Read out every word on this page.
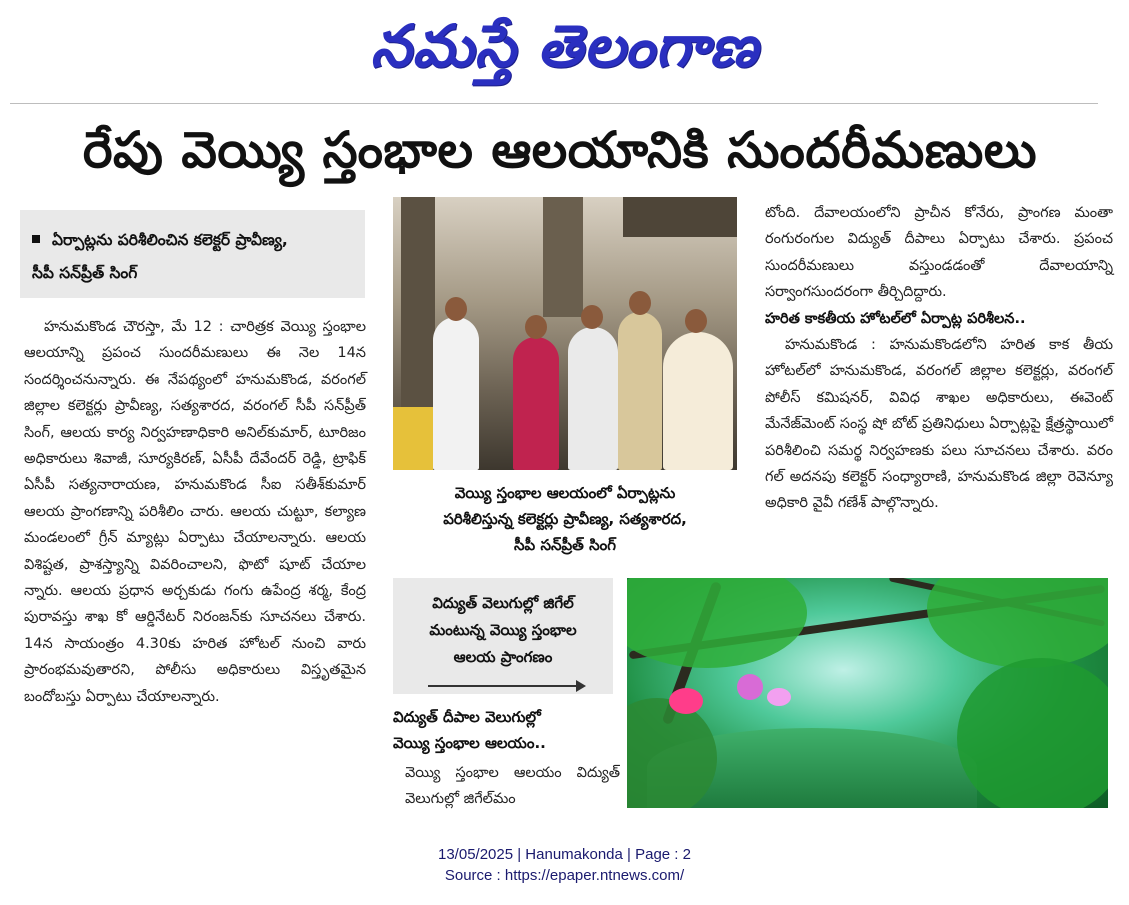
నమస్తే తెలంగాణ
రేపు వెయ్యి స్తంభాల ఆలయానికి సుందరీమణులు
ఏర్పాట్లను పరిశీలించిన కలెక్టర్ ప్రావీణ్య,
సీపీ సన్‌ప్రీత్ సింగ్

హనుమకొండ చౌరస్తా, మే 12 : చారిత్రక వెయ్యి స్తంభాల ఆలయాన్ని ప్రపంచ సుందరీమణులు ఈ నెల 14న సందర్శించనున్నారు. ఈ నేపథ్యంలో హనుమకొండ, వరంగల్ జిల్లాల కలెక్టర్లు ప్రావీణ్య, సత్యశారద, వరంగల్ సీపీ సన్‌ప్రీత్ సింగ్, ఆలయ కార్య నిర్వహణాధికారి అనిల్‌కుమార్, టూరిజం అధికారులు శివాజీ, సూర్యకిరణ్, ఏసీపీ దేవేందర్ రెడ్డి, ట్రాఫిక్ ఏసీపీ సత్యనారాయణ, హనుమకొండ సీఐ సతీశ్‌కుమార్ ఆలయ ప్రాంగణాన్ని పరిశీలిం చారు. ఆలయ చుట్టూ, కల్యాణ మండలంలో గ్రీన్ మ్యాట్లు ఏర్పాటు చేయాలన్నారు. ఆలయ విశిష్టత, ప్రాశస్త్యాన్ని వివరించాలని, ఫొటో షూట్ చేయాల న్నారు. ఆలయ ప్రధాన అర్చకుడు గంగు ఉపేంద్ర శర్మ, కేంద్ర పురావస్తు శాఖ కో ఆర్డినేటర్ నిరంజన్‌కు సూచనలు చేశారు. 14న సాయంత్రం 4.30కు హరిత హోటల్ నుంచి వారు ప్రారంభమవుతారని, పోలీసు అధికారులు విస్తృతమైన బందోబస్తు ఏర్పాటు చేయాలన్నారు.

వెయ్యి స్తంభాల ఆలయంలో ఏర్పాట్లను
పరిశీలిస్తున్న కలెక్టర్లు ప్రావీణ్య, సత్యశారద,
సీపీ సన్‌ప్రీత్ సింగ్

టోంది. దేవాలయంలోని ప్రాచీన కోనేరు, ప్రాంగణ మంతా రంగురంగుల విద్యుత్ దీపాలు ఏర్పాటు చేశారు. ప్రపంచ సుందరీమణులు వస్తుండడంతో దేవాలయాన్ని సర్వాంగసుందరంగా తీర్చిదిద్దారు.

హరిత కాకతీయ హోటల్‌లో ఏర్పాట్ల పరిశీలన..

హనుమకొండ : హనుమకొండలోని హరిత కాక తీయ హోటల్‌లో హనుమకొండ, వరంగల్ జిల్లాల కలెక్టర్లు, వరంగల్ పోలీస్ కమిషనర్, వివిధ శాఖల అధికారులు, ఈవెంట్ మేనేజ్‌మెంట్ సంస్థ షో బోట్ ప్రతినిధులు ఏర్పాట్లపై క్షేత్రస్థాయిలో పరిశీలించి సమర్థ నిర్వహణకు పలు సూచనలు చేశారు. వరం గల్ అదనపు కలెక్టర్ సంధ్యారాణి, హనుమకొండ జిల్లా రెవెన్యూ అధికారి వైవీ గణేశ్ పాల్గొన్నారు.

విద్యుత్ వెలుగుల్లో జిగేల్
మంటున్న వెయ్యి స్తంభాల
ఆలయ ప్రాంగణం
విద్యుత్ దీపాల వెలుగుల్లో
వెయ్యి స్తంభాల ఆలయం..
వెయ్యి స్తంభాల ఆలయం విద్యుత్ వెలుగుల్లో జిగేల్‌మం
13/05/2025 | Hanumakonda | Page : 2
Source : https://epaper.ntnews.com/
